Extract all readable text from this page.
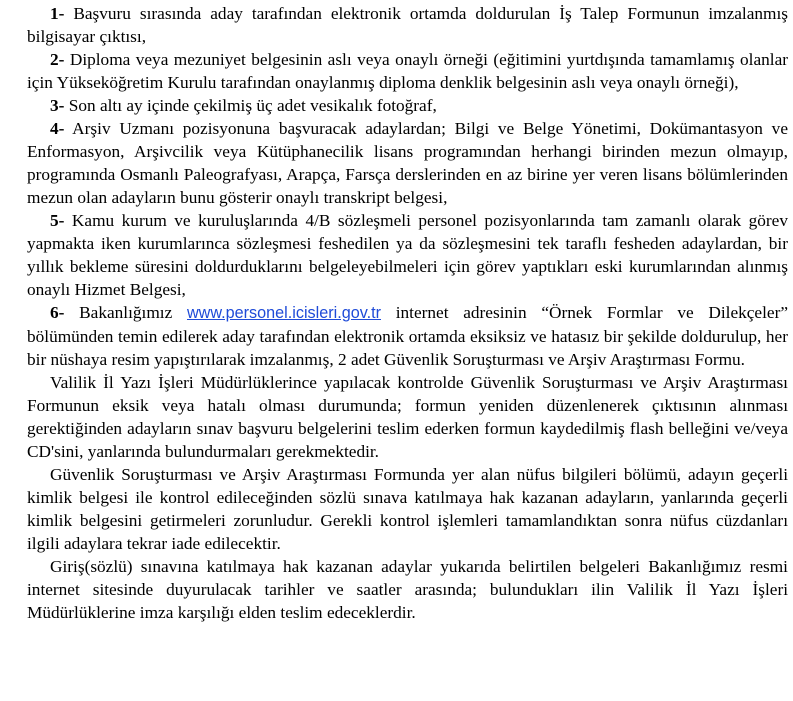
1- Başvuru sırasında aday tarafından elektronik ortamda doldurulan İş Talep Formunun imzalanmış bilgisayar çıktısı,

2- Diploma veya mezuniyet belgesinin aslı veya onaylı örneği (eğitimini yurtdışında tamamlamış olanlar için Yükseköğretim Kurulu tarafından onaylanmış diploma denklik belgesinin aslı veya onaylı örneği),

3- Son altı ay içinde çekilmiş üç adet vesikalık fotoğraf,

4- Arşiv Uzmanı pozisyonuna başvuracak adaylardan; Bilgi ve Belge Yönetimi, Dokümantasyon ve Enformasyon, Arşivcilik veya Kütüphanecilik lisans programından herhangi birinden mezun olmayıp, programında Osmanlı Paleografyası, Arapça, Farsça derslerinden en az birine yer veren lisans bölümlerinden mezun olan adayların bunu gösterir onaylı transkript belgesi,

5- Kamu kurum ve kuruluşlarında 4/B sözleşmeli personel pozisyonlarında tam zamanlı olarak görev yapmakta iken kurumlarınca sözleşmesi feshedilen ya da sözleşmesini tek taraflı fesheden adaylardan, bir yıllık bekleme süresini doldurduklarını belgeleyebilmeleri için görev yaptıkları eski kurumlarından alınmış onaylı Hizmet Belgesi,

6- Bakanlığımız www.personel.icisleri.gov.tr internet adresinin “Örnek Formlar ve Dilekçeler” bölümünden temin edilerek aday tarafından elektronik ortamda eksiksiz ve hatasız bir şekilde doldurulup, her bir nüshaya resim yapıştırılarak imzalanmış, 2 adet Güvenlik Soruşturması ve Arşiv Araştırması Formu.

Valilik İl Yazı İşleri Müdürlüklerince yapılacak kontrolde Güvenlik Soruşturması ve Arşiv Araştırması Formunun eksik veya hatalı olması durumunda; formun yeniden düzenlenerek çıktısının alınması gerektiğinden adayların sınav başvuru belgelerini teslim ederken formun kaydedilmiş flash belleğini ve/veya CD'sini, yanlarında bulundurmaları gerekmektedir.

Güvenlik Soruşturması ve Arşiv Araştırması Formunda yer alan nüfus bilgileri bölümü, adayın geçerli kimlik belgesi ile kontrol edileceğinden sözlü sınava katılmaya hak kazanan adayların, yanlarında geçerli kimlik belgesini getirmeleri zorunludur. Gerekli kontrol işlemleri tamamlandıktan sonra nüfus cüzdanları ilgili adaylara tekrar iade edilecektir.

Giriş(sözlü) sınavına katılmaya hak kazanan adaylar yukarıda belirtilen belgeleri Bakanlığımız resmi internet sitesinde duyurulacak tarihler ve saatler arasında; bulundukları ilin Valilik İl Yazı İşleri Müdürlüklerine imza karşılığı elden teslim edeceklerdir.
